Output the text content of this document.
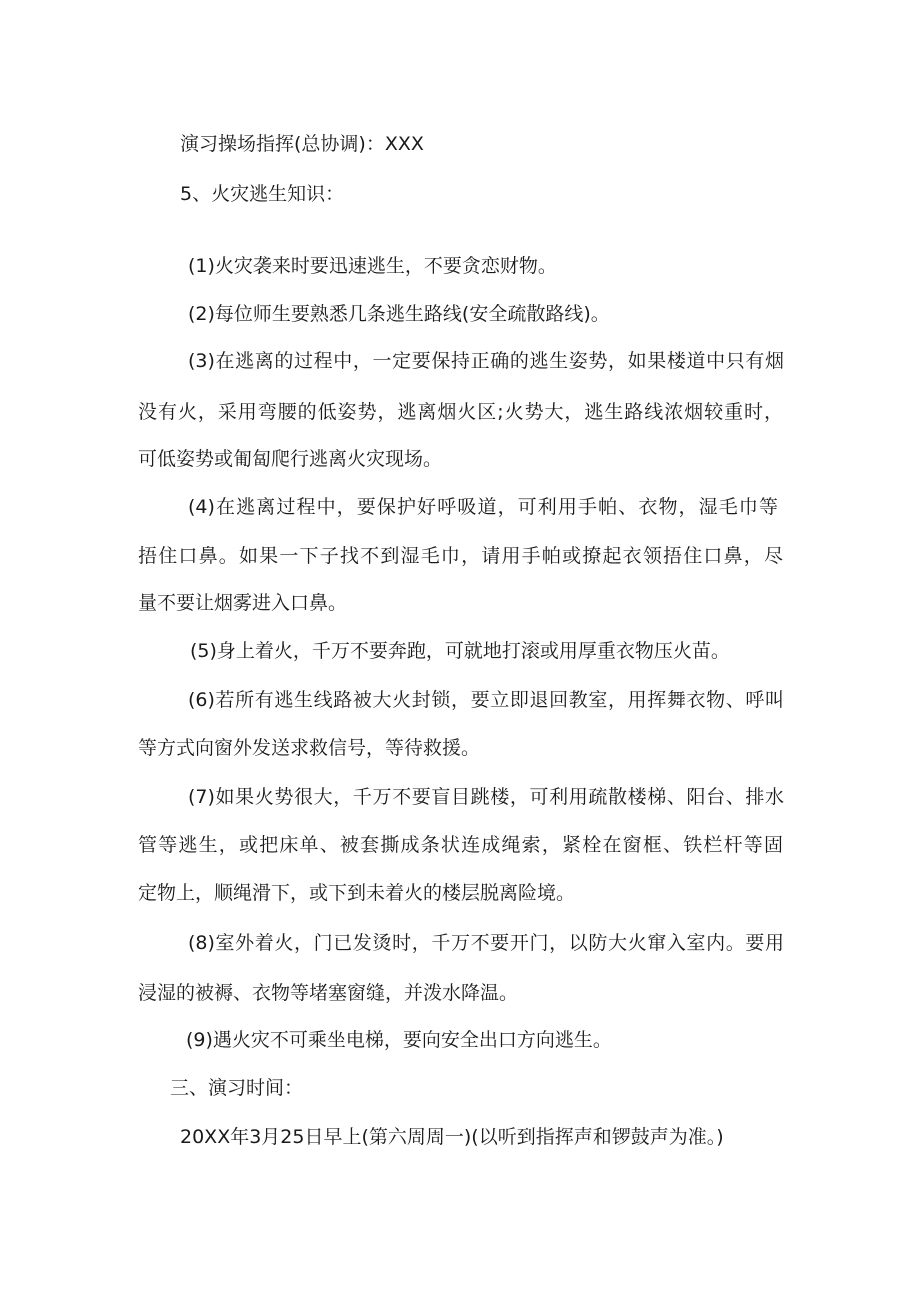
演习操场指挥(总协调)：XXX
5、火灾逃生知识：
(1)火灾袭来时要迅速逃生，不要贪恋财物。
(2)每位师生要熟悉几条逃生路线(安全疏散路线)。
(3)在逃离的过程中，一定要保持正确的逃生姿势，如果楼道中只有烟
没有火，采用弯腰的低姿势，逃离烟火区;火势大，逃生路线浓烟较重时，
可低姿势或匍匐爬行逃离火灾现场。
(4)在逃离过程中，要保护好呼吸道，可利用手帕、衣物，湿毛巾等
捂住口鼻。如果一下子找不到湿毛巾，请用手帕或撩起衣领捂住口鼻，尽
量不要让烟雾进入口鼻。
(5)身上着火，千万不要奔跑，可就地打滚或用厚重衣物压火苗。
(6)若所有逃生线路被大火封锁，要立即退回教室，用挥舞衣物、呼叫
等方式向窗外发送求救信号，等待救援。
(7)如果火势很大，千万不要盲目跳楼，可利用疏散楼梯、阳台、排水
管等逃生，或把床单、被套撕成条状连成绳索，紧栓在窗框、铁栏杆等固
定物上，顺绳滑下，或下到未着火的楼层脱离险境。
(8)室外着火，门已发烫时，千万不要开门，以防大火窜入室内。要用
浸湿的被褥、衣物等堵塞窗缝，并泼水降温。
(9)遇火灾不可乘坐电梯，要向安全出口方向逃生。
三、演习时间：
20XX年3月25日早上(第六周周一)(以听到指挥声和锣鼓声为准。)
